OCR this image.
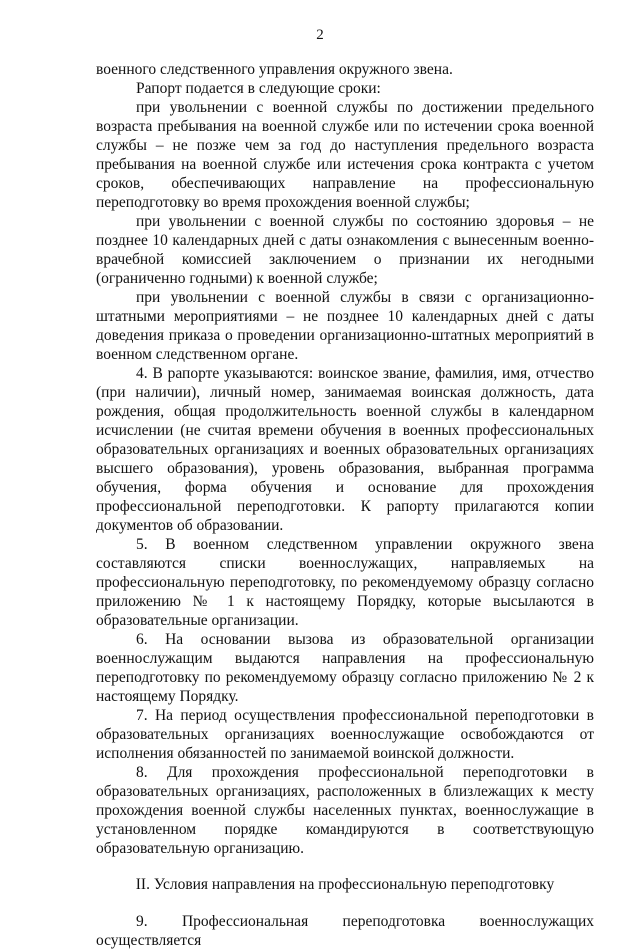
2

военного следственного управления окружного звена.

Рапорт подается в следующие сроки:

при увольнении с военной службы по достижении предельного возраста пребывания на военной службе или по истечении срока военной службы – не позже чем за год до наступления предельного возраста пребывания на военной службе или истечения срока контракта с учетом сроков, обеспечивающих направление на профессиональную переподготовку во время прохождения военной службы;

при увольнении с военной службы по состоянию здоровья – не позднее 10 календарных дней с даты ознакомления с вынесенным военно-врачебной комиссией заключением о признании их негодными (ограниченно годными) к военной службе;

при увольнении с военной службы в связи с организационно-штатными мероприятиями – не позднее 10 календарных дней с даты доведения приказа о проведении организационно-штатных мероприятий в военном следственном органе.

4. В рапорте указываются: воинское звание, фамилия, имя, отчество (при наличии), личный номер, занимаемая воинская должность, дата рождения, общая продолжительность военной службы в календарном исчислении (не считая времени обучения в военных профессиональных образовательных организациях и военных образовательных организациях высшего образования), уровень образования, выбранная программа обучения, форма обучения и основание для прохождения профессиональной переподготовки. К рапорту прилагаются копии документов об образовании.

5. В военном следственном управлении окружного звена составляются списки военнослужащих, направляемых на профессиональную переподготовку, по рекомендуемому образцу согласно приложению № 1 к настоящему Порядку, которые высылаются в образовательные организации.

6. На основании вызова из образовательной организации военнослужащим выдаются направления на профессиональную переподготовку по рекомендуемому образцу согласно приложению № 2 к настоящему Порядку.

7. На период осуществления профессиональной переподготовки в образовательных организациях военнослужащие освобождаются от исполнения обязанностей по занимаемой воинской должности.

8. Для прохождения профессиональной переподготовки в образовательных организациях, расположенных в близлежащих к месту прохождения военной службы населенных пунктах, военнослужащие в установленном порядке командируются в соответствующую образовательную организацию.

II. Условия направления на профессиональную переподготовку

9. Профессиональная переподготовка военнослужащих осуществляется
